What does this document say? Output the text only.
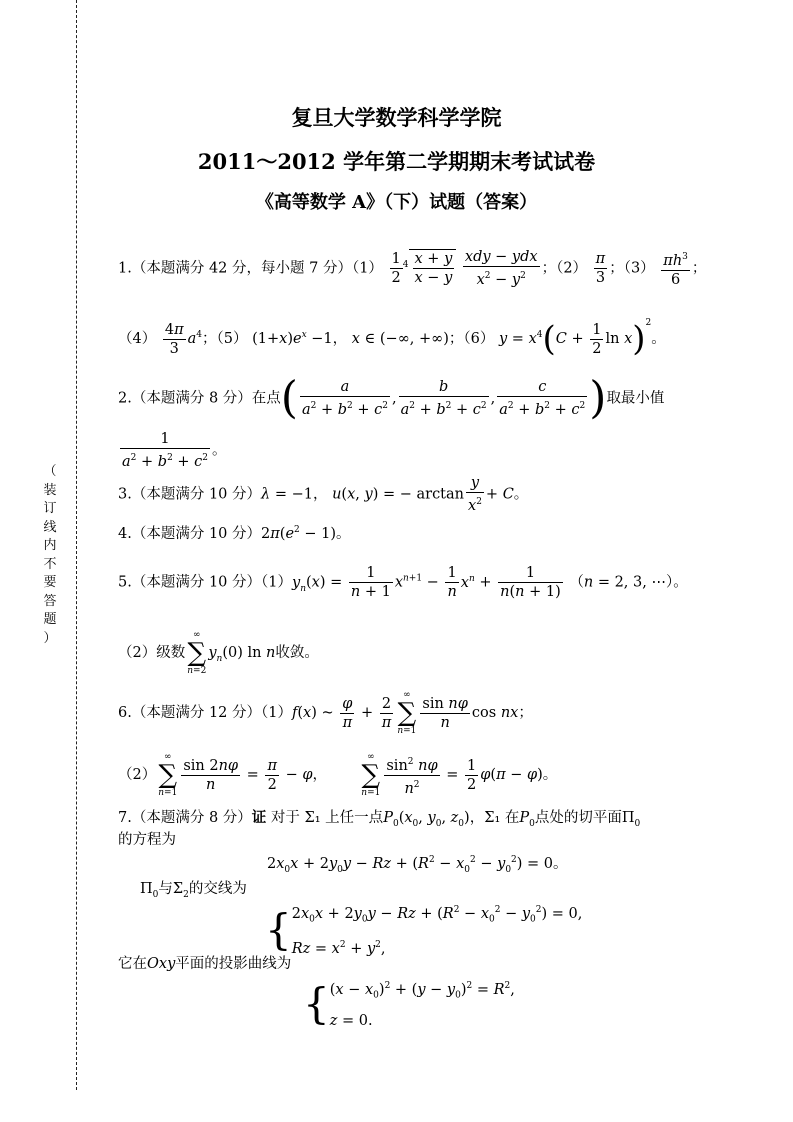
（
装
订
线
内
不
要
答
题
）
复旦大学数学科学学院
2011～2012 学年第二学期期末考试试卷
《高等数学 A》（下）试题（答案）
1.（本题满分 42 分，每小题 7 分）$(1) \frac{1}{2} ^4 \frac{x + y}{x - y}$
$\frac{\text{xdy − ydx}}{x^2 - y^2}$ ；$(2) \frac{\pi}{3}$ ；$(3) \frac{\pi h^3}{6}$ ；
$(4) \frac{4\pi}{3} a^4$；（5） $(1+x)e^x -1$， x ∈ (−∞, +∞)；（6） $y = x^4(C + \frac{1}{2}$ $\ln x)^2$。
2.（本题满分 8 分）在点( $\frac{a}{a^2 + b^2 + c^2}$ , $\frac{b}{a^2 + b^2 + c^2}$ , $\frac{c}{a^2 + b^2 + c^2}$ )取最小值
$\frac{1}{a^2 + b^2 + c^2}$ 。
3.（本题满分 10 分）λ = −1， u(x, y) = − $\arctan \frac{y}{x^2} + C$。
4.（本题满分 10 分）$2\pi(e^2 - 1)$。
5.（本题满分 10 分）$(1)y_n(x) = \frac{1}{n + 1} x^{n+1} - \frac{1}{n} x^n + \frac{1}{n(n + 1)} (n = 2$, 3, ⋯）。
（2）级数
∞
∑
n=2
$y_n(0)$ ln n收敛。
6.（本题满分 12 分）（1）f(x) ~ $\frac{\varphi}{\pi} + \frac{2}{\pi}$	∞
∑
$n=1 \frac{\text{sin nφ}}{n}$ cos nx；
（2）
∞
∑
$n=1 \frac{\sin 2n\varphi}{n} = \frac{\pi}{2} - \varphi$，
∞
∑
$n=1 \frac{\sin^2 n\varphi}{n^2} = \frac{1}{2} \varphi(\pi - \varphi)$。
7.（本题满分 8 分）证 对于 Σ₁ 上任一点$P_0(x_0$, $y_0$, $z_0$)，Σ₁ 在$P_0$点处的切平面$\Pi_0$
的方程为
$2x_0x + 2y_0y - Rz + (R^2 - x_0^2 - y_0^2) = 0$。
$\Pi_0$与$\Sigma_2$的交线为
{$2x_0x + 2y_0y - Rz + (R^2 - x_0^2 - y_0^2) = 0$,
$Rz = x^2 + y^2$,
它在Oxy平面的投影曲线为
{$(x - x_0)^2 + (y - y_0)^2 = R^2$,
z = 0.
